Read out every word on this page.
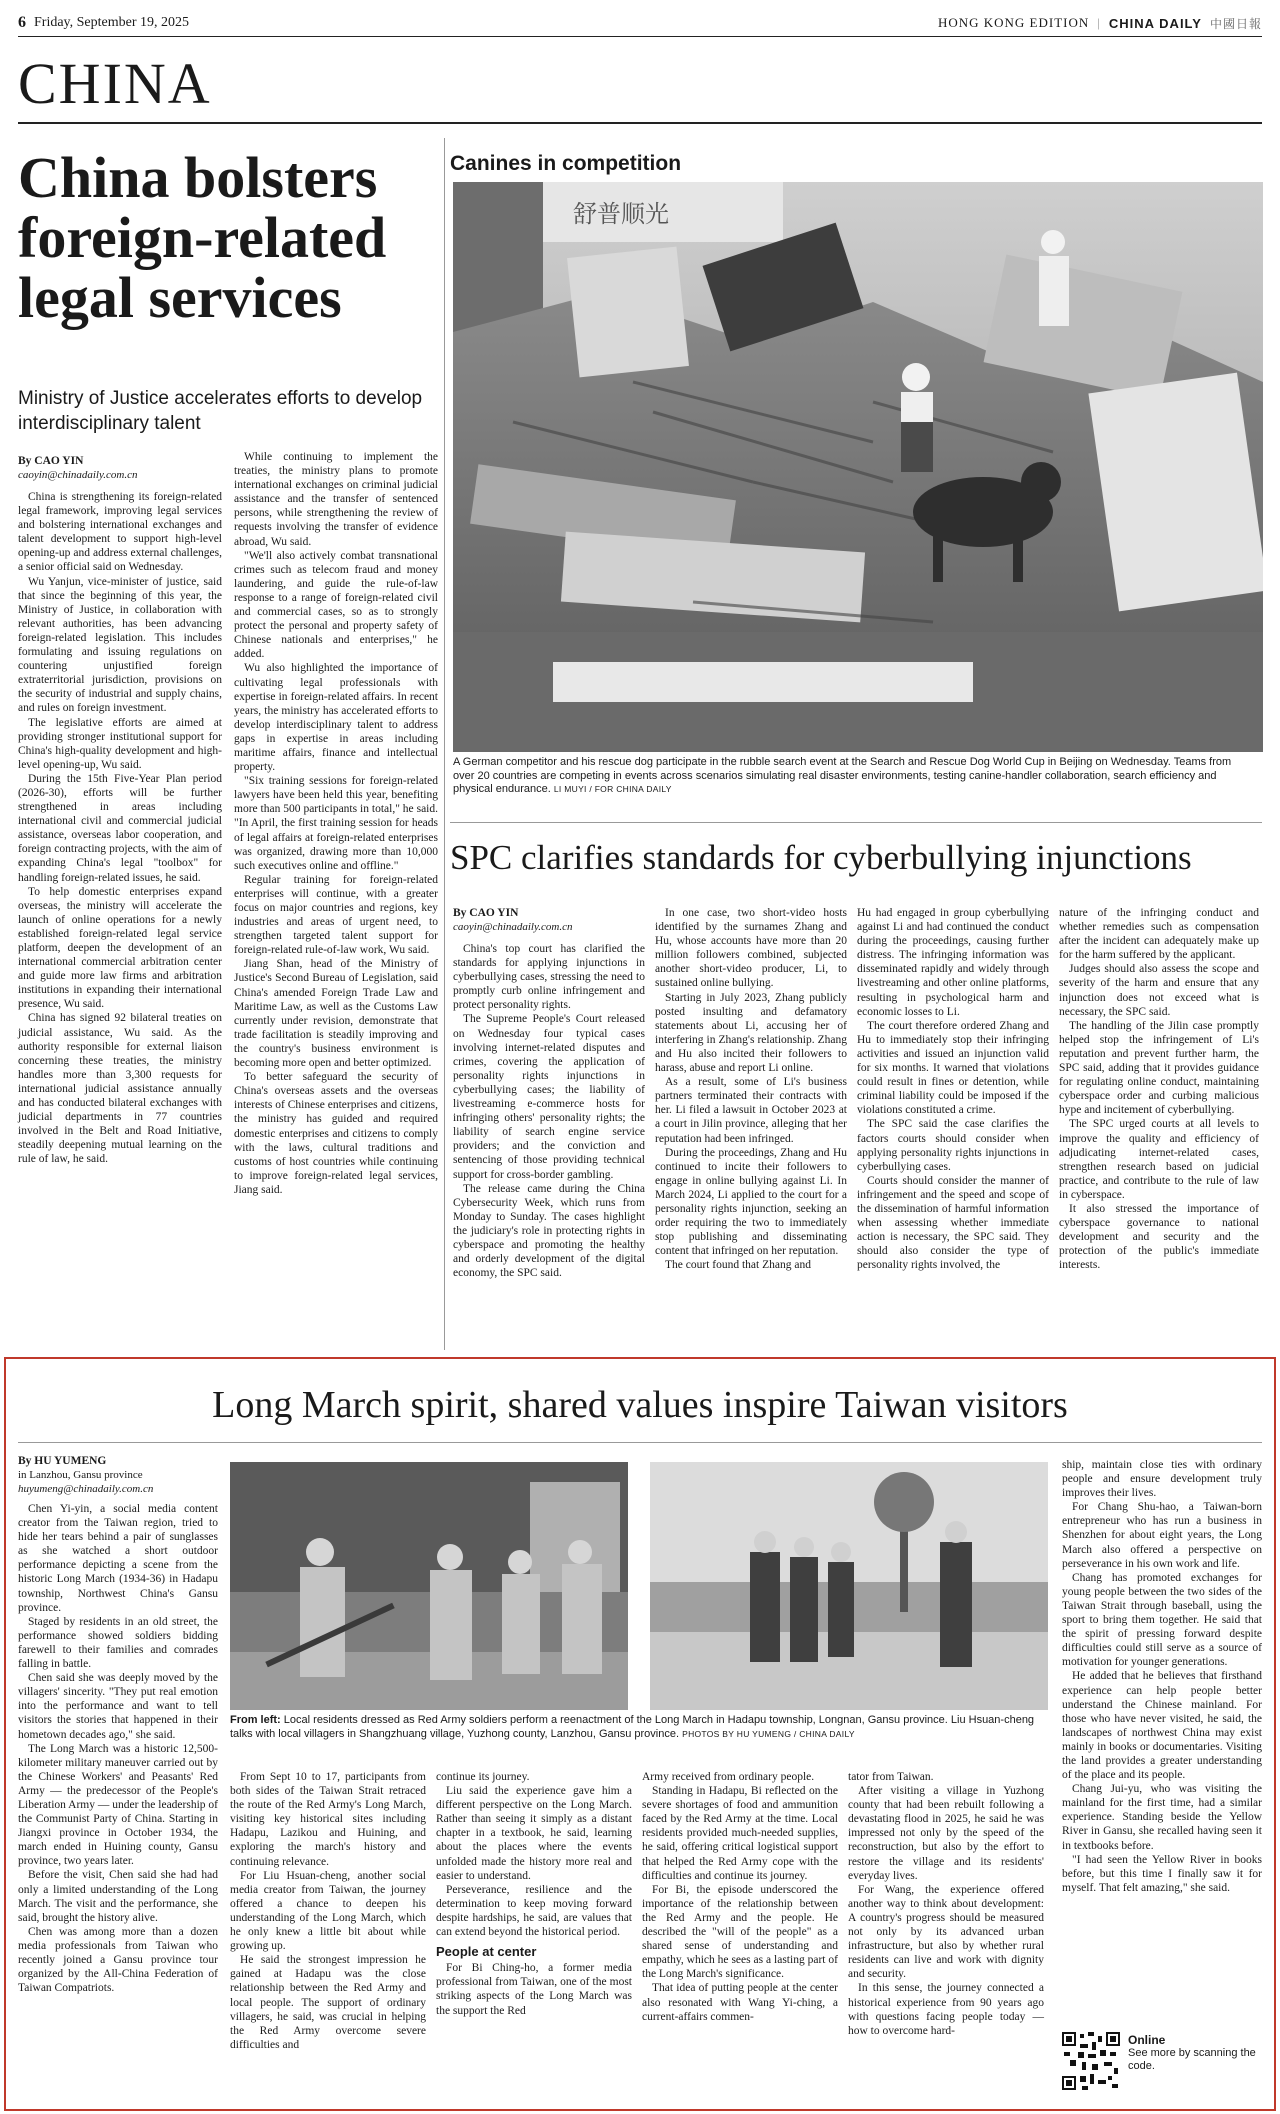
6 Friday, September 19, 2025	HONG KONG EDITION | CHINA DAILY 中國日報
CHINA
China bolsters foreign-related legal services
Ministry of Justice accelerates efforts to develop interdisciplinary talent
By CAO YIN
caoyin@chinadaily.com.cn

China is strengthening its foreign-related legal framework, improving legal services and bolstering international exchanges and talent development to support high-level opening-up and address external challenges, a senior official said on Wednesday.

Wu Yanjun, vice-minister of justice, said that since the beginning of this year, the Ministry of Justice, in collaboration with relevant authorities, has been advancing foreign-related legislation. This includes formulating and issuing regulations on countering unjustified foreign extraterritorial jurisdiction, provisions on the security of industrial and supply chains, and rules on foreign investment.

The legislative efforts are aimed at providing stronger institutional support for China's high-quality development and high-level opening-up, Wu said.

During the 15th Five-Year Plan period (2026-30), efforts will be further strengthened in areas including international civil and commercial judicial assistance, overseas labor cooperation, and foreign contracting projects, with the aim of expanding China's legal "toolbox" for handling foreign-related issues, he said.

To help domestic enterprises expand overseas, the ministry will accelerate the launch of online operations for a newly established foreign-related legal service platform, deepen the development of an international commercial arbitration center and guide more law firms and arbitration institutions in expanding their international presence, Wu said.

China has signed 92 bilateral treaties on judicial assistance, Wu said. As the authority responsible for external liaison concerning these treaties, the ministry handles more than 3,300 requests for international judicial assistance annually and has conducted bilateral exchanges with judicial departments in 77 countries involved in the Belt and Road Initiative, steadily deepening mutual learning on the rule of law, he said.

While continuing to implement the treaties, the ministry plans to promote international exchanges on criminal judicial assistance and the transfer of sentenced persons, while strengthening the review of requests involving the transfer of evidence abroad, Wu said.

"We'll also actively combat transnational crimes such as telecom fraud and money laundering, and guide the rule-of-law response to a range of foreign-related civil and commercial cases, so as to strongly protect the personal and property safety of Chinese nationals and enterprises," he added.

Wu also highlighted the importance of cultivating legal professionals with expertise in foreign-related affairs. In recent years, the ministry has accelerated efforts to develop interdisciplinary talent to address gaps in expertise in areas including maritime affairs, finance and intellectual property.

"Six training sessions for foreign-related lawyers have been held this year, benefiting more than 500 participants in total," he said. "In April, the first training session for heads of legal affairs at foreign-related enterprises was organized, drawing more than 10,000 such executives online and offline."

Regular training for foreign-related enterprises will continue, with a greater focus on major countries and regions, key industries and areas of urgent need, to strengthen targeted talent support for foreign-related rule-of-law work, Wu said.

Jiang Shan, head of the Ministry of Justice's Second Bureau of Legislation, said China's amended Foreign Trade Law and Maritime Law, as well as the Customs Law currently under revision, demonstrate that trade facilitation is steadily improving and the country's business environment is becoming more open and better optimized.

To better safeguard the security of China's overseas assets and the overseas interests of Chinese enterprises and citizens, the ministry has guided and required domestic enterprises and citizens to comply with the laws, cultural traditions and customs of host countries while continuing to improve foreign-related legal services, Jiang said.

Canines in competition
舒普顺光
A German competitor and his rescue dog participate in the rubble search event at the Search and Rescue Dog World Cup in Beijing on Wednesday. Teams from over 20 countries are competing in events across scenarios simulating real disaster environments, testing canine-handler collaboration, search efficiency and physical endurance. LI MUYI / FOR CHINA DAILY
SPC clarifies standards for cyberbullying injunctions
By CAO YIN
caoyin@chinadaily.com.cn

China's top court has clarified the standards for applying injunctions in cyberbullying cases, stressing the need to promptly curb online infringement and protect personality rights.

The Supreme People's Court released on Wednesday four typical cases involving internet-related disputes and crimes, covering the application of personality rights injunctions in cyberbullying cases; the liability of livestreaming e-commerce hosts for infringing others' personality rights; the liability of search engine service providers; and the conviction and sentencing of those providing technical support for cross-border gambling.

The release came during the China Cybersecurity Week, which runs from Monday to Sunday. The cases highlight the judiciary's role in protecting rights in cyberspace and promoting the healthy and orderly development of the digital economy, the SPC said.

In one case, two short-video hosts identified by the surnames Zhang and Hu, whose accounts have more than 20 million followers combined, subjected another short-video producer, Li, to sustained online bullying.

Starting in July 2023, Zhang publicly posted insulting and defamatory statements about Li, accusing her of interfering in Zhang's relationship. Zhang and Hu also incited their followers to harass, abuse and report Li online.

As a result, some of Li's business partners terminated their contracts with her. Li filed a lawsuit in October 2023 at a court in Jilin province, alleging that her reputation had been infringed.

During the proceedings, Zhang and Hu continued to incite their followers to engage in online bullying against Li. In March 2024, Li applied to the court for a personality rights injunction, seeking an order requiring the two to immediately stop publishing and disseminating content that infringed on her reputation.

The court found that Zhang and

Hu had engaged in group cyberbullying against Li and had continued the conduct during the proceedings, causing further distress. The infringing information was disseminated rapidly and widely through livestreaming and other online platforms, resulting in psychological harm and economic losses to Li.

The court therefore ordered Zhang and Hu to immediately stop their infringing activities and issued an injunction valid for six months. It warned that violations could result in fines or detention, while criminal liability could be imposed if the violations constituted a crime.

The SPC said the case clarifies the factors courts should consider when applying personality rights injunctions in cyberbullying cases.

Courts should consider the manner of infringement and the speed and scope of the dissemination of harmful information when assessing whether immediate action is necessary, the SPC said. They should also consider the type of personality rights involved, the

nature of the infringing conduct and whether remedies such as compensation after the incident can adequately make up for the harm suffered by the applicant.

Judges should also assess the scope and severity of the harm and ensure that any injunction does not exceed what is necessary, the SPC said.

The handling of the Jilin case promptly helped stop the infringement of Li's reputation and prevent further harm, the SPC said, adding that it provides guidance for regulating online conduct, maintaining cyberspace order and curbing malicious hype and incitement of cyberbullying.

The SPC urged courts at all levels to improve the quality and efficiency of adjudicating internet-related cases, strengthen research based on judicial practice, and contribute to the rule of law in cyberspace.

It also stressed the importance of cyberspace governance to national development and security and the protection of the public's immediate interests.

Long March spirit, shared values inspire Taiwan visitors
By HU YUMENG
in Lanzhou, Gansu province
huyumeng@chinadaily.com.cn

Chen Yi-yin, a social media content creator from the Taiwan region, tried to hide her tears behind a pair of sunglasses as she watched a short outdoor performance depicting a scene from the historic Long March (1934-36) in Hadapu township, Northwest China's Gansu province.

Staged by residents in an old street, the performance showed soldiers bidding farewell to their families and comrades falling in battle.

Chen said she was deeply moved by the villagers' sincerity. "They put real emotion into the performance and want to tell visitors the stories that happened in their hometown decades ago," she said.

The Long March was a historic 12,500-kilometer military maneuver carried out by the Chinese Workers' and Peasants' Red Army — the predecessor of the People's Liberation Army — under the leadership of the Communist Party of China. Starting in Jiangxi province in October 1934, the march ended in Huining county, Gansu province, two years later.

Before the visit, Chen said she had had only a limited understanding of the Long March. The visit and the performance, she said, brought the history alive.

Chen was among more than a dozen media professionals from Taiwan who recently joined a Gansu province tour organized by the All-China Federation of Taiwan Compatriots.

From left: Local residents dressed as Red Army soldiers perform a reenactment of the Long March in Hadapu township, Longnan, Gansu province. Liu Hsuan-cheng talks with local villagers in Shangzhuang village, Yuzhong county, Lanzhou, Gansu province. PHOTOS BY HU YUMENG / CHINA DAILY

From Sept 10 to 17, participants from both sides of the Taiwan Strait retraced the route of the Red Army's Long March, visiting key historical sites including Hadapu, Lazikou and Huining, and exploring the march's history and continuing relevance.

For Liu Hsuan-cheng, another social media creator from Taiwan, the journey offered a chance to deepen his understanding of the Long March, which he only knew a little bit about while growing up.

He said the strongest impression he gained at Hadapu was the close relationship between the Red Army and local people. The support of ordinary villagers, he said, was crucial in helping the Red Army overcome severe difficulties and

continue its journey.

Liu said the experience gave him a different perspective on the Long March. Rather than seeing it simply as a distant chapter in a textbook, he said, learning about the places where the events unfolded made the history more real and easier to understand.

Perseverance, resilience and the determination to keep moving forward despite hardships, he said, are values that can extend beyond the historical period.

People at center

For Bi Ching-ho, a former media professional from Taiwan, one of the most striking aspects of the Long March was the support the Red

Army received from ordinary people.

Standing in Hadapu, Bi reflected on the severe shortages of food and ammunition faced by the Red Army at the time. Local residents provided much-needed supplies, he said, offering critical logistical support that helped the Red Army cope with the difficulties and continue its journey.

For Bi, the episode underscored the importance of the relationship between the Red Army and the people. He described the "will of the people" as a shared sense of understanding and empathy, which he sees as a lasting part of the Long March's significance.

That idea of putting people at the center also resonated with Wang Yi-ching, a current-affairs commen-

tator from Taiwan.

After visiting a village in Yuzhong county that had been rebuilt following a devastating flood in 2025, he said he was impressed not only by the speed of the reconstruction, but also by the effort to restore the village and its residents' everyday lives.

For Wang, the experience offered another way to think about development: A country's progress should be measured not only by its advanced urban infrastructure, but also by whether rural residents can live and work with dignity and security.

In this sense, the journey connected a historical experience from 90 years ago with questions facing people today — how to overcome hard-

ship, maintain close ties with ordinary people and ensure development truly improves their lives.

For Chang Shu-hao, a Taiwan-born entrepreneur who has run a business in Shenzhen for about eight years, the Long March also offered a perspective on perseverance in his own work and life.

Chang has promoted exchanges for young people between the two sides of the Taiwan Strait through baseball, using the sport to bring them together. He said that the spirit of pressing forward despite difficulties could still serve as a source of motivation for younger generations.

He added that he believes that firsthand experience can help people better understand the Chinese mainland. For those who have never visited, he said, the landscapes of northwest China may exist mainly in books or documentaries. Visiting the land provides a greater understanding of the place and its people.

Chang Jui-yu, who was visiting the mainland for the first time, had a similar experience. Standing beside the Yellow River in Gansu, she recalled having seen it in textbooks before.

"I had seen the Yellow River in books before, but this time I finally saw it for myself. That felt amazing," she said.

Online
See more by scanning the code.
